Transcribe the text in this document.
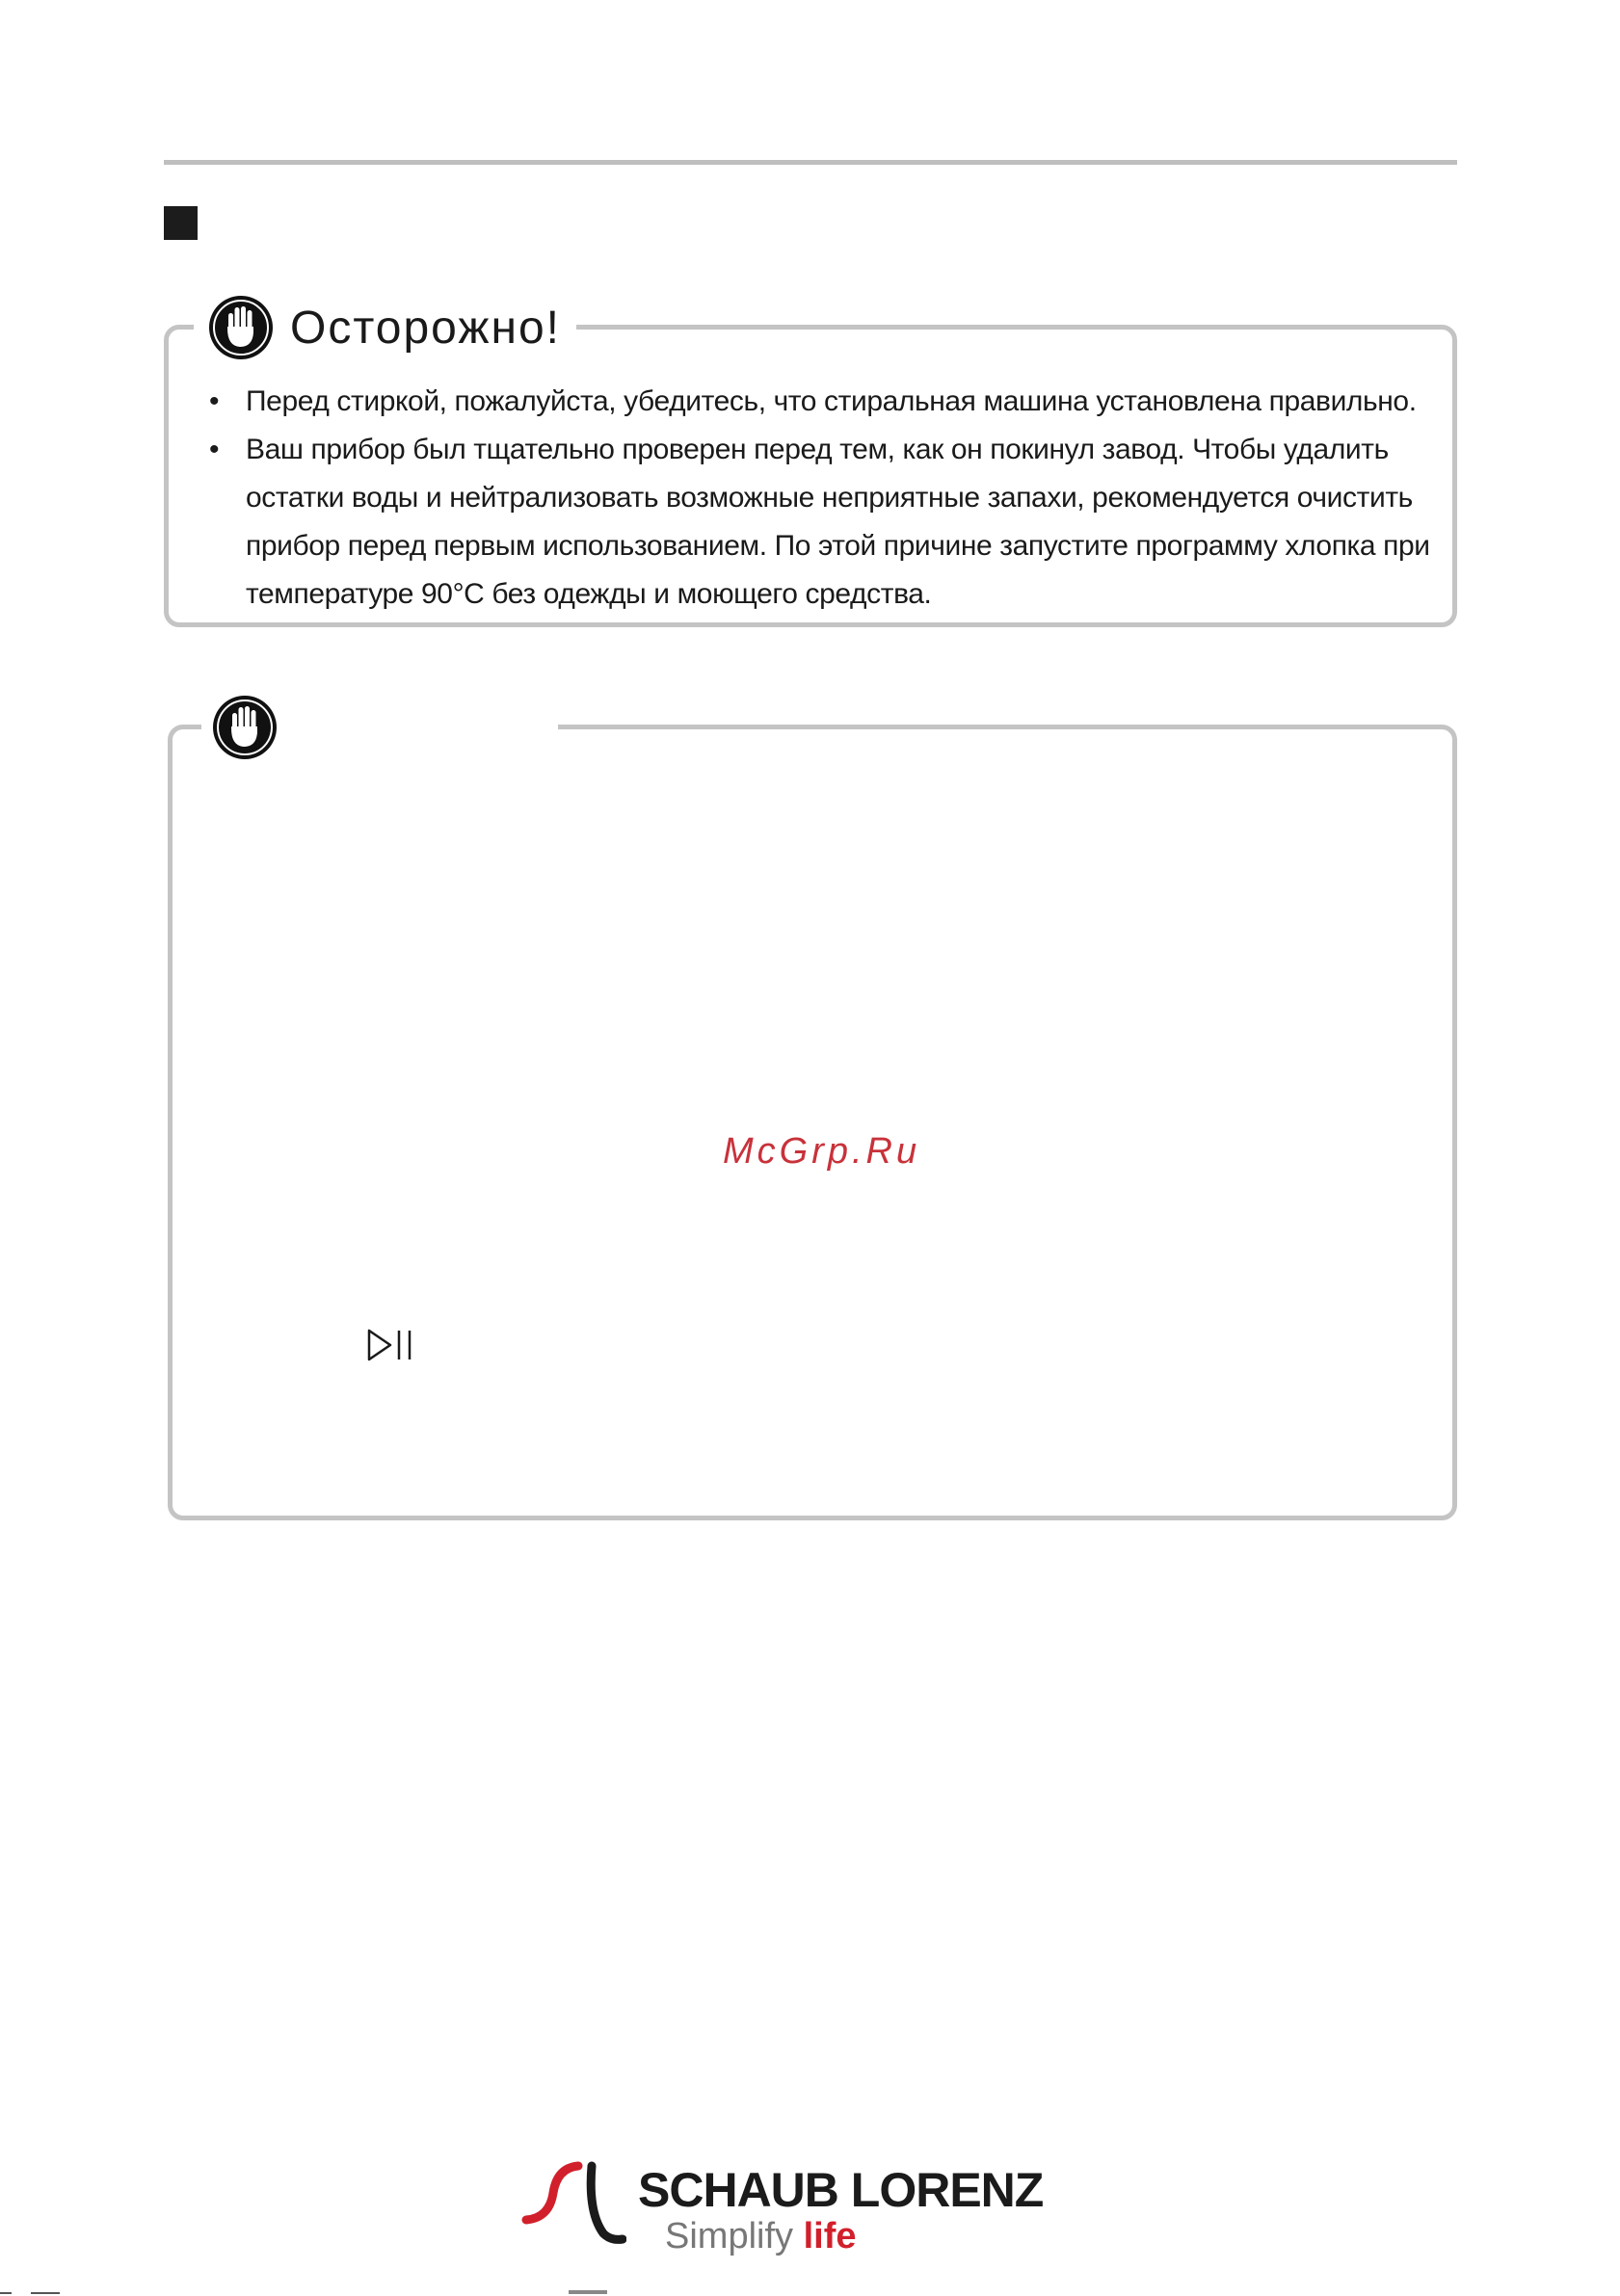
Осторожно!
• Перед стиркой, пожалуйста, убедитесь, что стиральная машина установлена правильно.
• Ваш прибор был тщательно проверен перед тем, как он покинул завод. Чтобы удалить остатки воды и нейтрализовать возможные неприятные запахи, рекомендуется очистить прибор перед первым использованием. По этой причине запустите программу хлопка при температуре 90°С без одежды и моющего средства.
McGrp.Ru
SCHAUB LORENZ
Simplify life
